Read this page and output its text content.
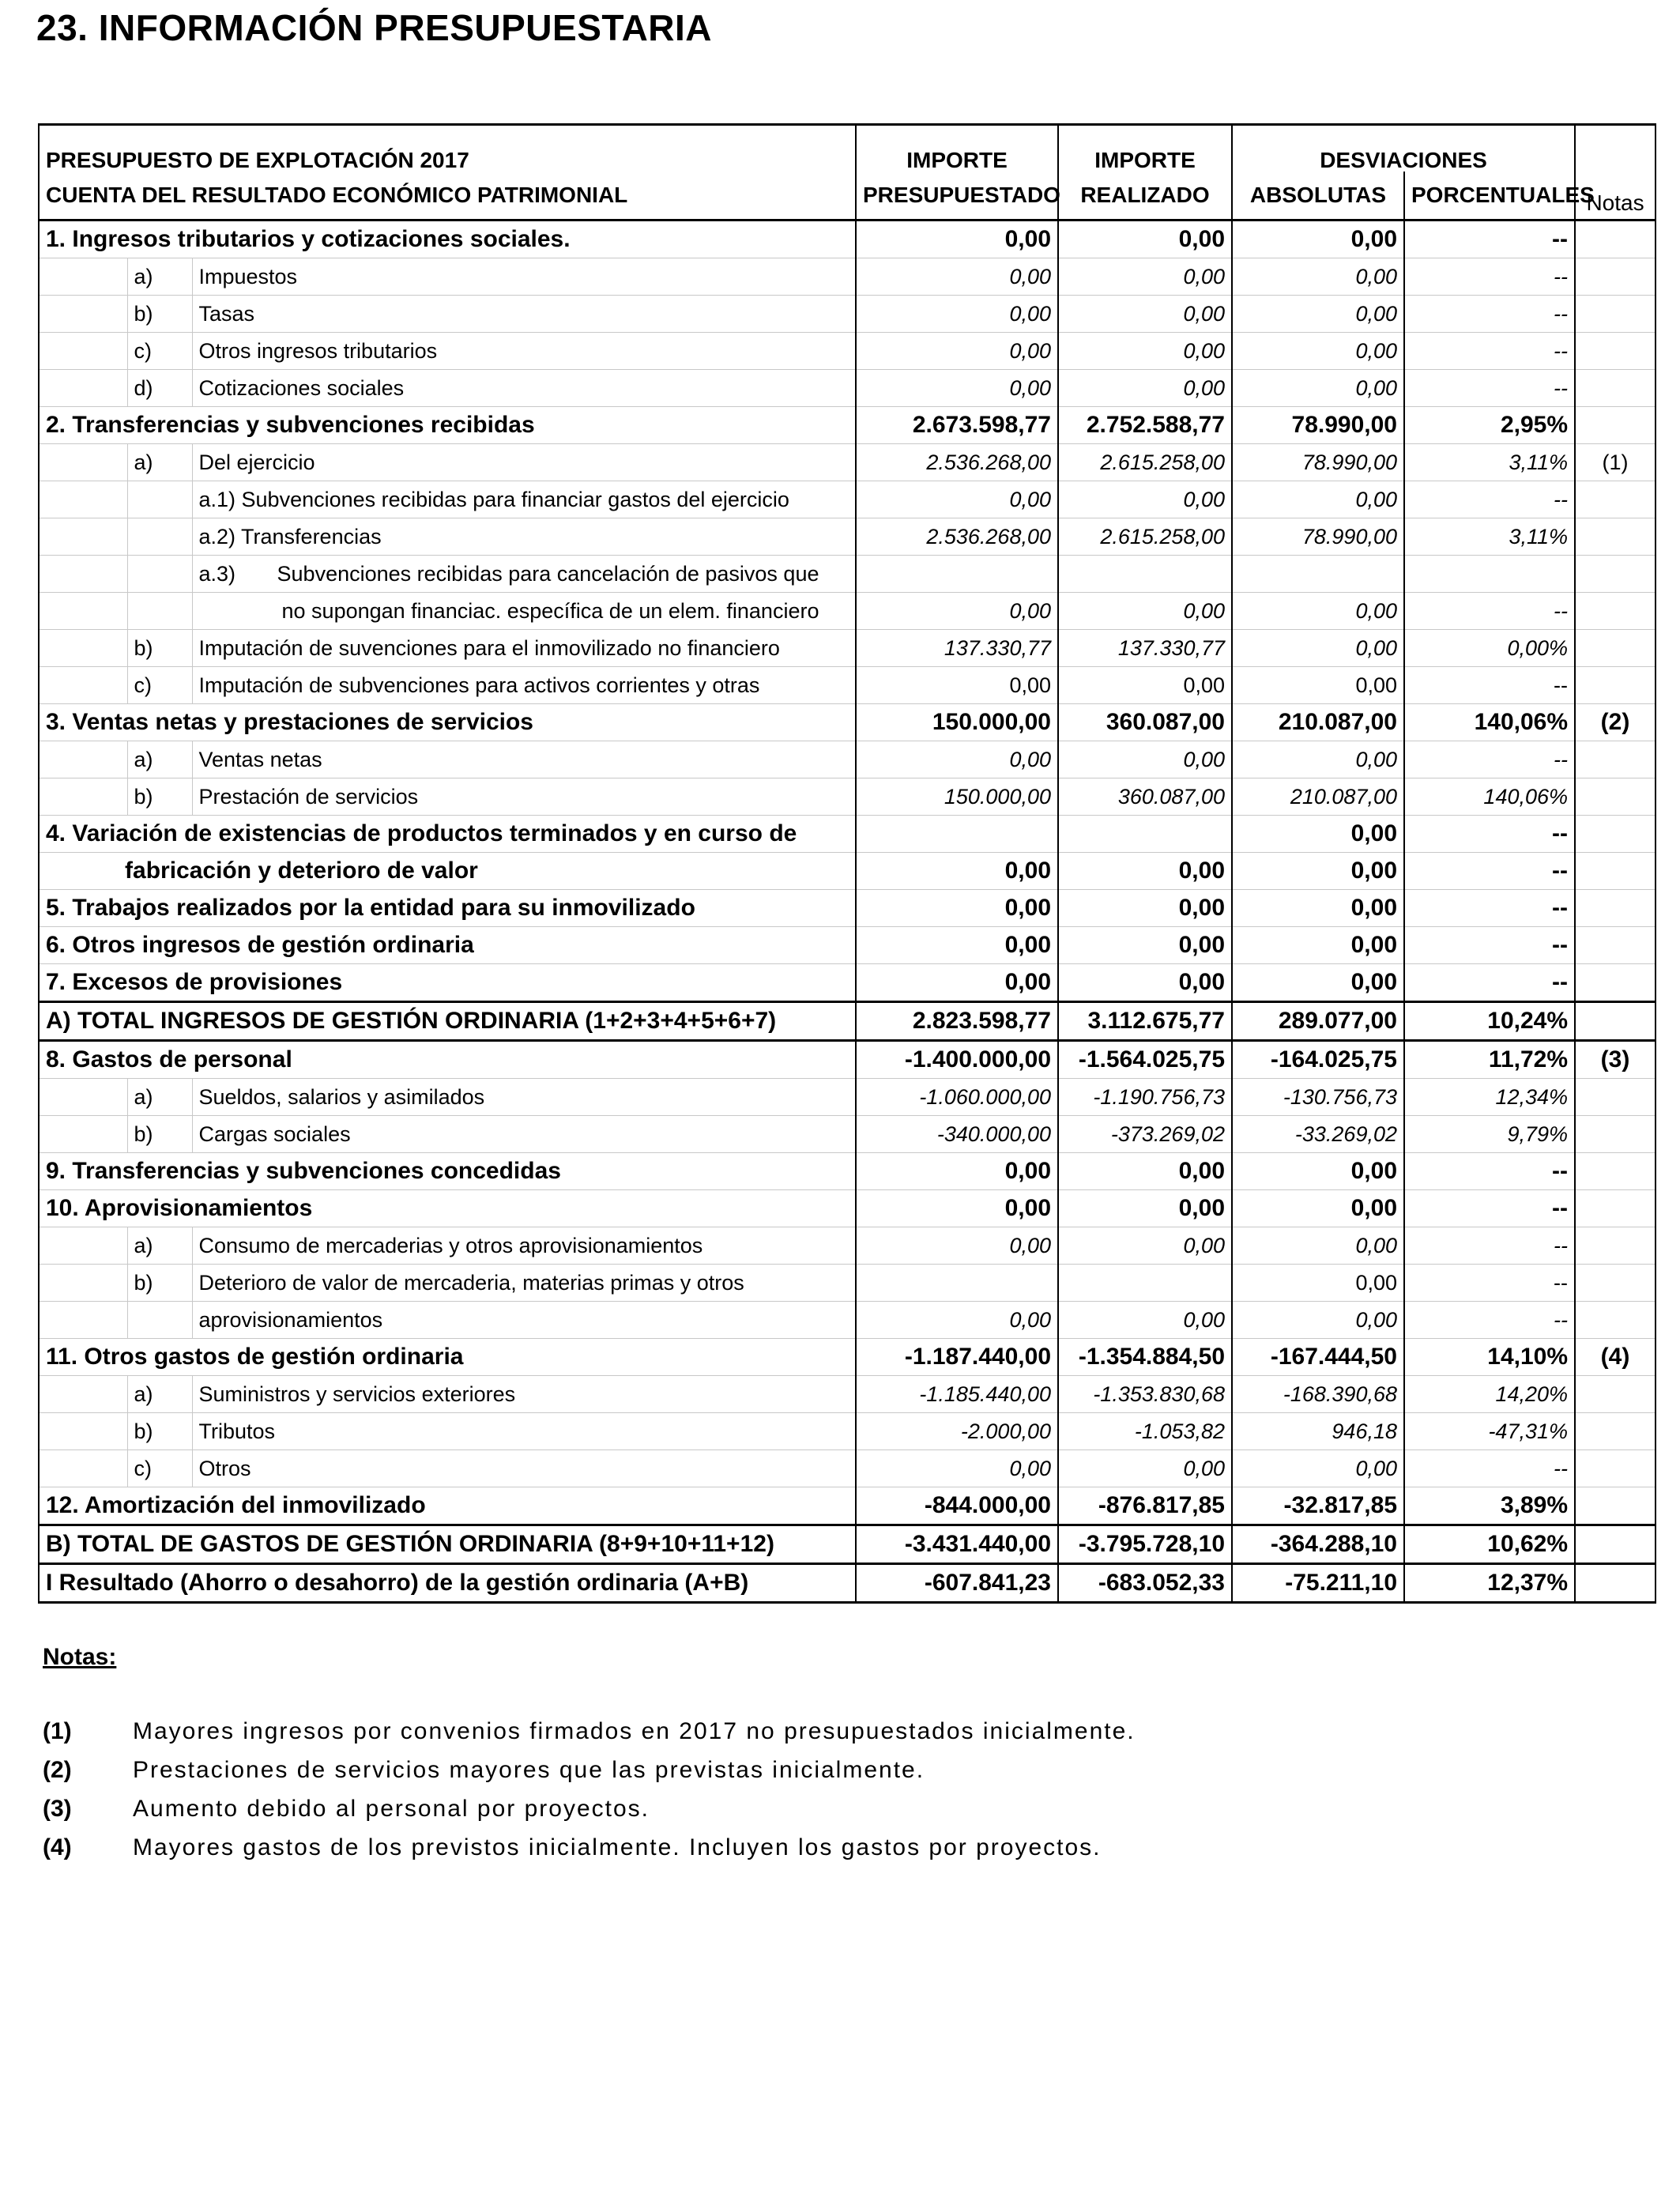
23. INFORMACIÓN PRESUPUESTARIA
PRESUPUESTO DE EXPLOTACIÓN 2017			IMPORTE	IMPORTE	DESVIACIONES		Notas
CUENTA DEL RESULTADO ECONÓMICO PATRIMONIAL			PRESUPUESTADO	REALIZADO	ABSOLUTAS	PORCENTUALES	
1. Ingresos tributarios y cotizaciones sociales.			0,00	0,00	0,00	--	
	a)	Impuestos	0,00	0,00	0,00	--	
	b)	Tasas	0,00	0,00	0,00	--	
	c)	Otros ingresos tributarios	0,00	0,00	0,00	--	
	d)	Cotizaciones sociales	0,00	0,00	0,00	--	
2. Transferencias y subvenciones recibidas			2.673.598,77	2.752.588,77	78.990,00	2,95%	
	a)	Del ejercicio	2.536.268,00	2.615.258,00	78.990,00	3,11%	(1)
		a.1) Subvenciones recibidas para financiar gastos del ejercicio	0,00	0,00	0,00	--	
		a.2) Transferencias	2.536.268,00	2.615.258,00	78.990,00	3,11%	
		a.3)       Subvenciones recibidas para cancelación de pasivos que					
		no supongan financiac. específica de un elem. financiero	0,00	0,00	0,00	--	
	b)	Imputación de suvenciones para el inmovilizado no financiero	137.330,77	137.330,77	0,00	0,00%	
	c)	Imputación de subvenciones para activos corrientes y otras	0,00	0,00	0,00	--	
3. Ventas netas y prestaciones de servicios			150.000,00	360.087,00	210.087,00	140,06%	(2)
	a)	Ventas netas	0,00	0,00	0,00	--	
	b)	Prestación de servicios	150.000,00	360.087,00	210.087,00	140,06%	
4. Variación de existencias de productos terminados y en curso de					0,00	--	
fabricación y deterioro de valor			0,00	0,00	0,00	--	
5. Trabajos realizados por la entidad para su inmovilizado			0,00	0,00	0,00	--	
6. Otros ingresos de gestión ordinaria			0,00	0,00	0,00	--	
7. Excesos de provisiones			0,00	0,00	0,00	--	
A) TOTAL INGRESOS DE GESTIÓN ORDINARIA (1+2+3+4+5+6+7)			2.823.598,77	3.112.675,77	289.077,00	10,24%	
8. Gastos de personal			-1.400.000,00	-1.564.025,75	-164.025,75	11,72%	(3)
	a)	Sueldos, salarios y asimilados	-1.060.000,00	-1.190.756,73	-130.756,73	12,34%	
	b)	Cargas sociales	-340.000,00	-373.269,02	-33.269,02	9,79%	
9. Transferencias y subvenciones concedidas			0,00	0,00	0,00	--	
10. Aprovisionamientos			0,00	0,00	0,00	--	
	a)	Consumo de mercaderias y otros aprovisionamientos	0,00	0,00	0,00	--	
	b)	Deterioro de valor de mercaderia, materias primas y otros			0,00	--	
		aprovisionamientos	0,00	0,00	0,00	--	
11. Otros gastos de gestión ordinaria			-1.187.440,00	-1.354.884,50	-167.444,50	14,10%	(4)
	a)	Suministros y servicios exteriores	-1.185.440,00	-1.353.830,68	-168.390,68	14,20%	
	b)	Tributos	-2.000,00	-1.053,82	946,18	-47,31%	
	c)	Otros	0,00	0,00	0,00	--	
12. Amortización del inmovilizado			-844.000,00	-876.817,85	-32.817,85	3,89%	
B) TOTAL DE GASTOS DE GESTIÓN ORDINARIA (8+9+10+11+12)			-3.431.440,00	-3.795.728,10	-364.288,10	10,62%	
I Resultado (Ahorro o desahorro) de la gestión ordinaria (A+B)			-607.841,23	-683.052,33	-75.211,10	12,37%	

Notas:

(1)	Mayores ingresos por convenios firmados en 2017 no presupuestados inicialmente.
(2)	Prestaciones de servicios mayores que las previstas inicialmente.
(3)	Aumento debido al personal por proyectos.
(4)	Mayores gastos de los previstos inicialmente. Incluyen los gastos por proyectos.
